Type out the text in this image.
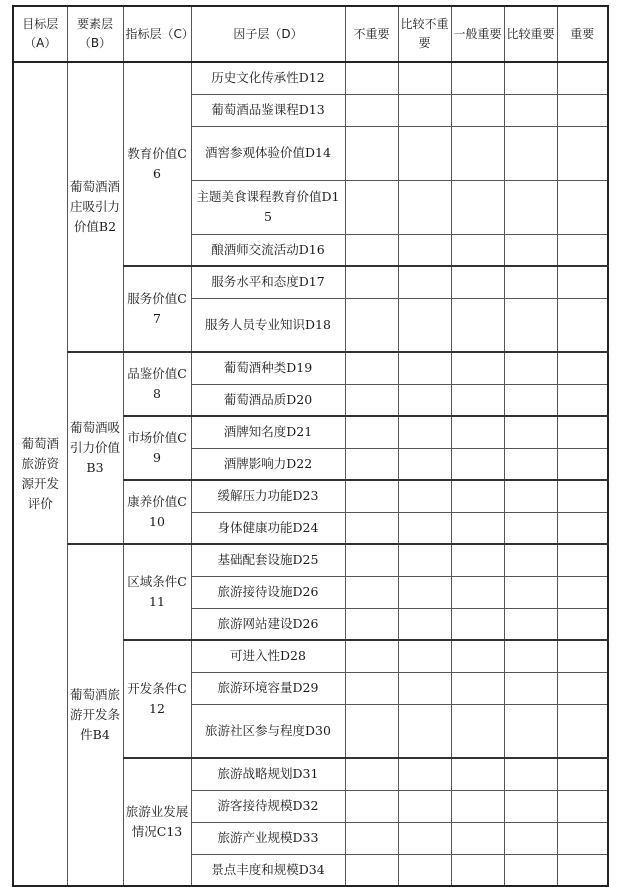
目标层（A）	要素层（B）	指标层（C）	因子层（D）	不重要	比较不重要	一般重要	比较重要	重要
葡萄酒旅游资源开发评价	葡萄酒酒庄吸引力价值B2	教育价值C6	历史文化传承性D12					
			葡萄酒品鉴课程D13					
			酒窖参观体验价值D14					
			主题美食课程教育价值D15					
			酿酒师交流活动D16					
		服务价值C7	服务水平和态度D17					
			服务人员专业知识D18					
	葡萄酒吸引力价值B3	品鉴价值C8	葡萄酒种类D19					
			葡萄酒品质D20					
		市场价值C9	酒牌知名度D21					
			酒牌影响力D22					
		康养价值C10	缓解压力功能D23					
			身体健康功能D24					
	葡萄酒旅游开发条件B4	区域条件C11	基础配套设施D25					
			旅游接待设施D26					
			旅游网站建设D26					
		开发条件C12	可进入性D28					
			旅游环境容量D29					
			旅游社区参与程度D30					
		旅游业发展情况C13	旅游战略规划D31					
			游客接待规模D32					
			旅游产业规模D33					
			景点丰度和规模D34					
